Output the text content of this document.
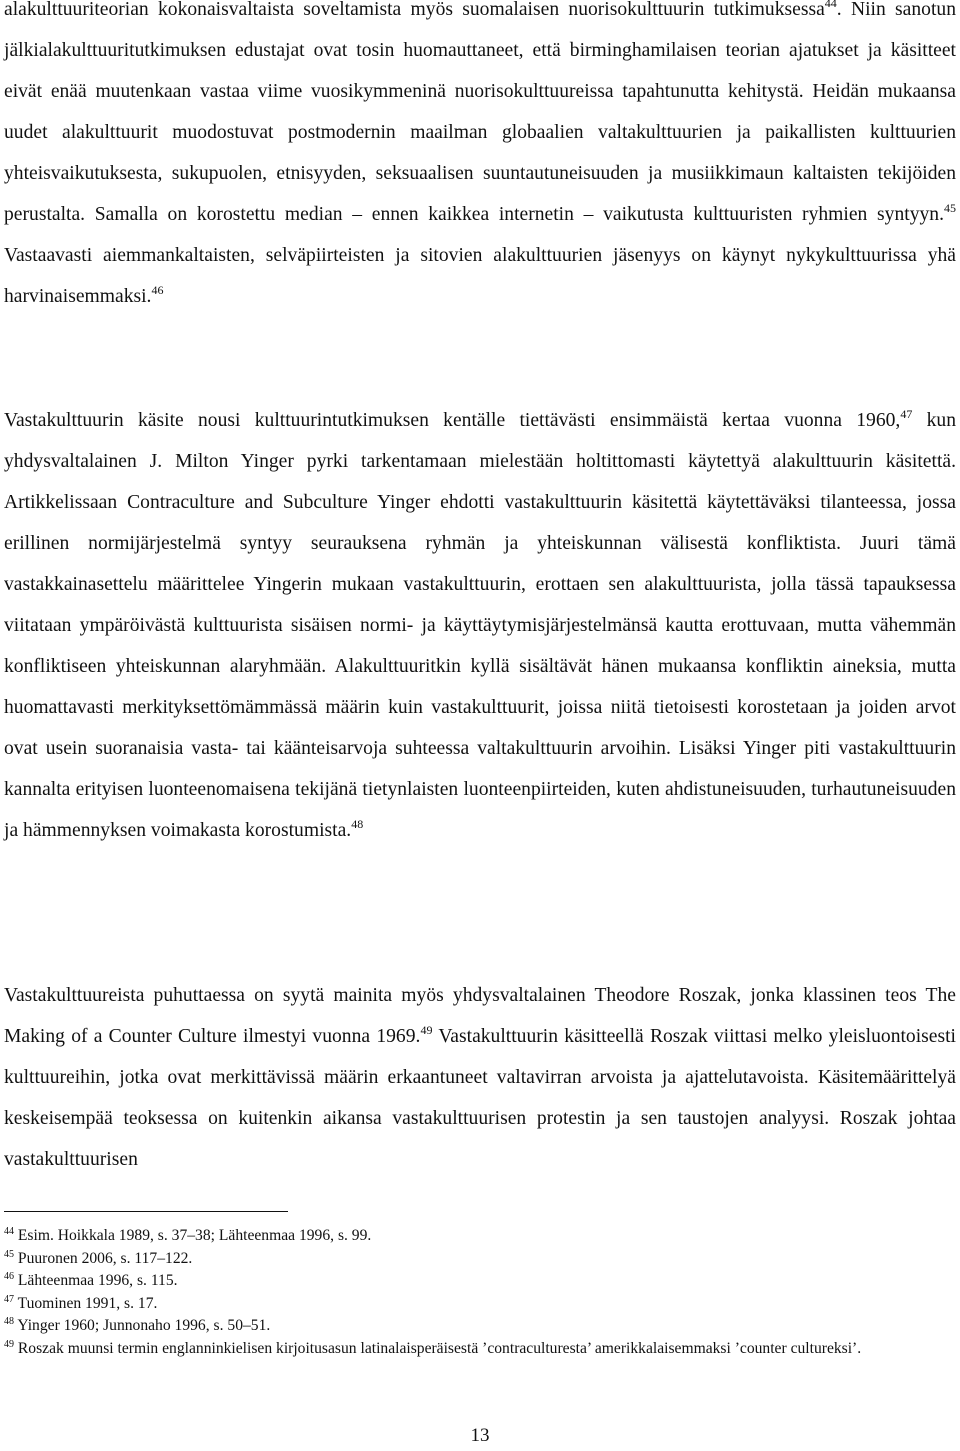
alakulttuuriteorian kokonaisvaltaista soveltamista myös suomalaisen nuorisokulttuurin tutkimuksessa$^{44}$. Niin sanotun jälkialakulttuuritutkimuksen edustajat ovat tosin huomauttaneet, että birminghamilaisen teorian ajatukset ja käsitteet eivät enää muutenkaan vastaa viime vuosikymmeninä nuorisokulttuureissa tapahtunutta kehitystä. Heidän mukaansa uudet alakulttuurit muodostuvat postmodernin maailman globaalien valtakulttuurien ja paikallisten kulttuurien yhteisvaikutuksesta, sukupuolen, etnisyyden, seksuaalisen suuntautuneisuuden ja musiikkimaun kaltaisten tekijöiden perustalta. Samalla on korostettu median – ennen kaikkea internetin – vaikutusta kulttuuristen ryhmien syntyyn.$^{45}$ Vastaavasti aiemmankaltaisten, selväpiirteisten ja sitovien alakulttuurien jäsenyys on käynyt nykykulttuurissa yhä harvinaisemmaksi.$^{46}$

Vastakulttuurin käsite nousi kulttuurintutkimuksen kentälle tiettävästi ensimmäistä kertaa vuonna 1960,47 kun yhdysvaltalainen J. Milton Yinger pyrki tarkentamaan mielestään holtittomasti käytettyä alakulttuurin käsitettä. Artikkelissaan Contraculture and Subculture Yinger ehdotti vastakulttuurin käsitettä käytettäväksi tilanteessa, jossa erillinen normijärjestelmä syntyy seurauksena ryhmän ja yhteiskunnan välisestä konfliktista. Juuri tämä vastakkainasettelu määrittelee Yingerin mukaan vastakulttuurin, erottaen sen alakulttuurista, jolla tässä tapauksessa viitataan ympäröivästä kulttuurista sisäisen normi- ja käyttäytymisjärjestelmänsä kautta erottuvaan, mutta vähemmän konfliktiseen yhteiskunnan alaryhmään. Alakulttuuritkin kyllä sisältävät hänen mukaansa konfliktin aineksia, mutta huomattavasti merkityksettömämmässä määrin kuin vastakulttuurit, joissa niitä tietoisesti korostetaan ja joiden arvot ovat usein suoranaisia vasta- tai käänteisarvoja suhteessa valtakulttuurin arvoihin. Lisäksi Yinger piti vastakulttuurin kannalta erityisen luonteenomaisena tekijänä tietynlaisten luonteenpiirteiden, kuten ahdistuneisuuden, turhautuneisuuden ja hämmennyksen voimakasta korostumista.$^{48}$

Vastakulttuureista puhuttaessa on syytä mainita myös yhdysvaltalainen Theodore Roszak, jonka klassinen teos The Making of a Counter Culture ilmestyi vuonna 1969.49 Vastakulttuurin käsitteellä Roszak viittasi melko yleisluontoisesti kulttuureihin, jotka ovat merkittävissä määrin erkaantuneet valtavirran arvoista ja ajattelutavoista. Käsitemäärittelyä keskeisempää teoksessa on kuitenkin aikansa vastakulttuurisen protestin ja sen taustojen analyysi. Roszak johtaa vastakulttuurisen

$^{44}$ Esim. Hoikkala 1989, s. 37–38; Lähteenmaa 1996, s. 99.
$^{45}$ Puuronen 2006, s. 117–122.
$^{46}$ Lähteenmaa 1996, s. 115.
$^{47}$ Tuominen 1991, s. 17.
$^{48}$ Yinger 1960; Junnonaho 1996, s. 50–51.
$^{49}$ Roszak muunsi termin englanninkielisen kirjoitusasun latinalaisperäisestä ’contraculturesta’ amerikkalaisemmaksi ’counter cultureksi’.
13
